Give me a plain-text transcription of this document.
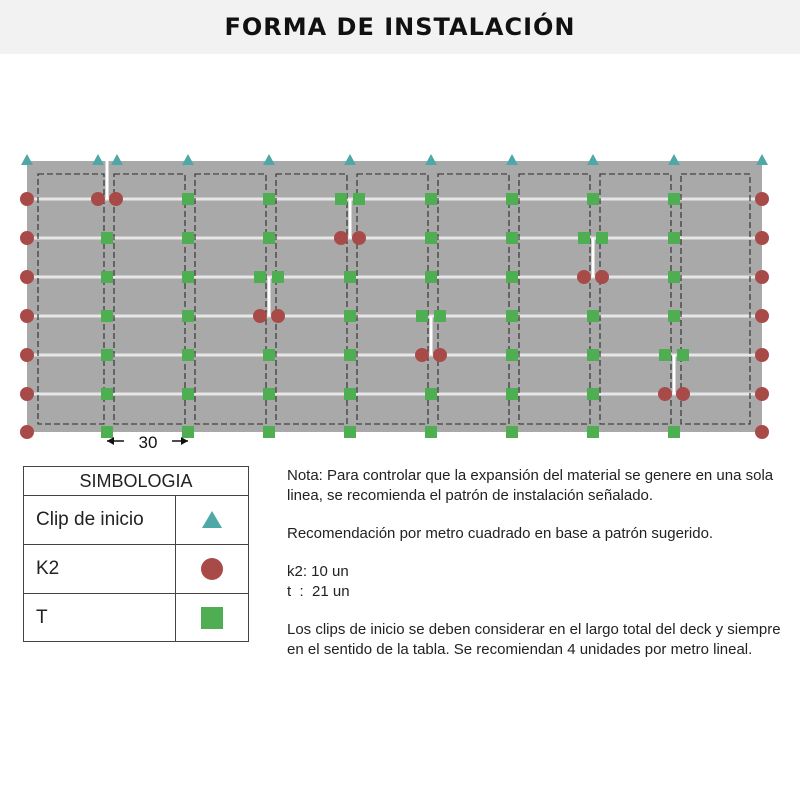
FORMA DE INSTALACIÓN
30
SIMBOLOGIA
Clip de inicio
K2
T

Nota: Para controlar que la expansión del material se genere en una sola linea, se recomienda el patrón de instalación señalado.

Recomendación por metro cuadrado en base a patrón sugerido.

k2: 10 un

t  :  21 un

Los clips de inicio se deben considerar en el largo total del deck y siempre en el sentido de la tabla. Se recomiendan 4 unidades por metro lineal.
